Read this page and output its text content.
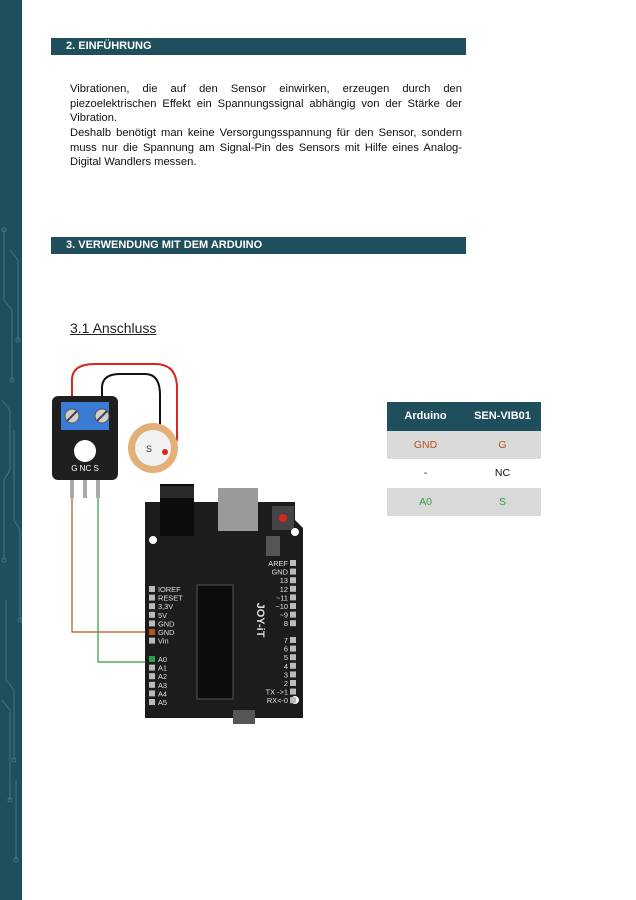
2. EINFÜHRUNG

Vibrationen, die auf den Sensor einwirken, erzeugen durch den piezoelektrischen Effekt ein Spannungssignal abhängig von der Stärke der Vibration.

Deshalb benötigt man keine Versorgungsspannung für den Sensor, sondern muss nur die Spannung am Signal-Pin des Sensors mit Hilfe eines Analog-Digital Wandlers messen.

3. VERWENDUNG MIT DEM ARDUINO
3.1 Anschluss
G NC S
S
JOY-iT
IOREF
RESET
3,3V
5V
GND
GND
Vin
A0
A1
A2
A3
A4
A5
AREF
GND
13
12
~11
~10
~9
8
7
6
5
4
3
2
TX ->1
RX<-0
Arduino	SEN-VIB01
GND	G
-	NC
A0	S
